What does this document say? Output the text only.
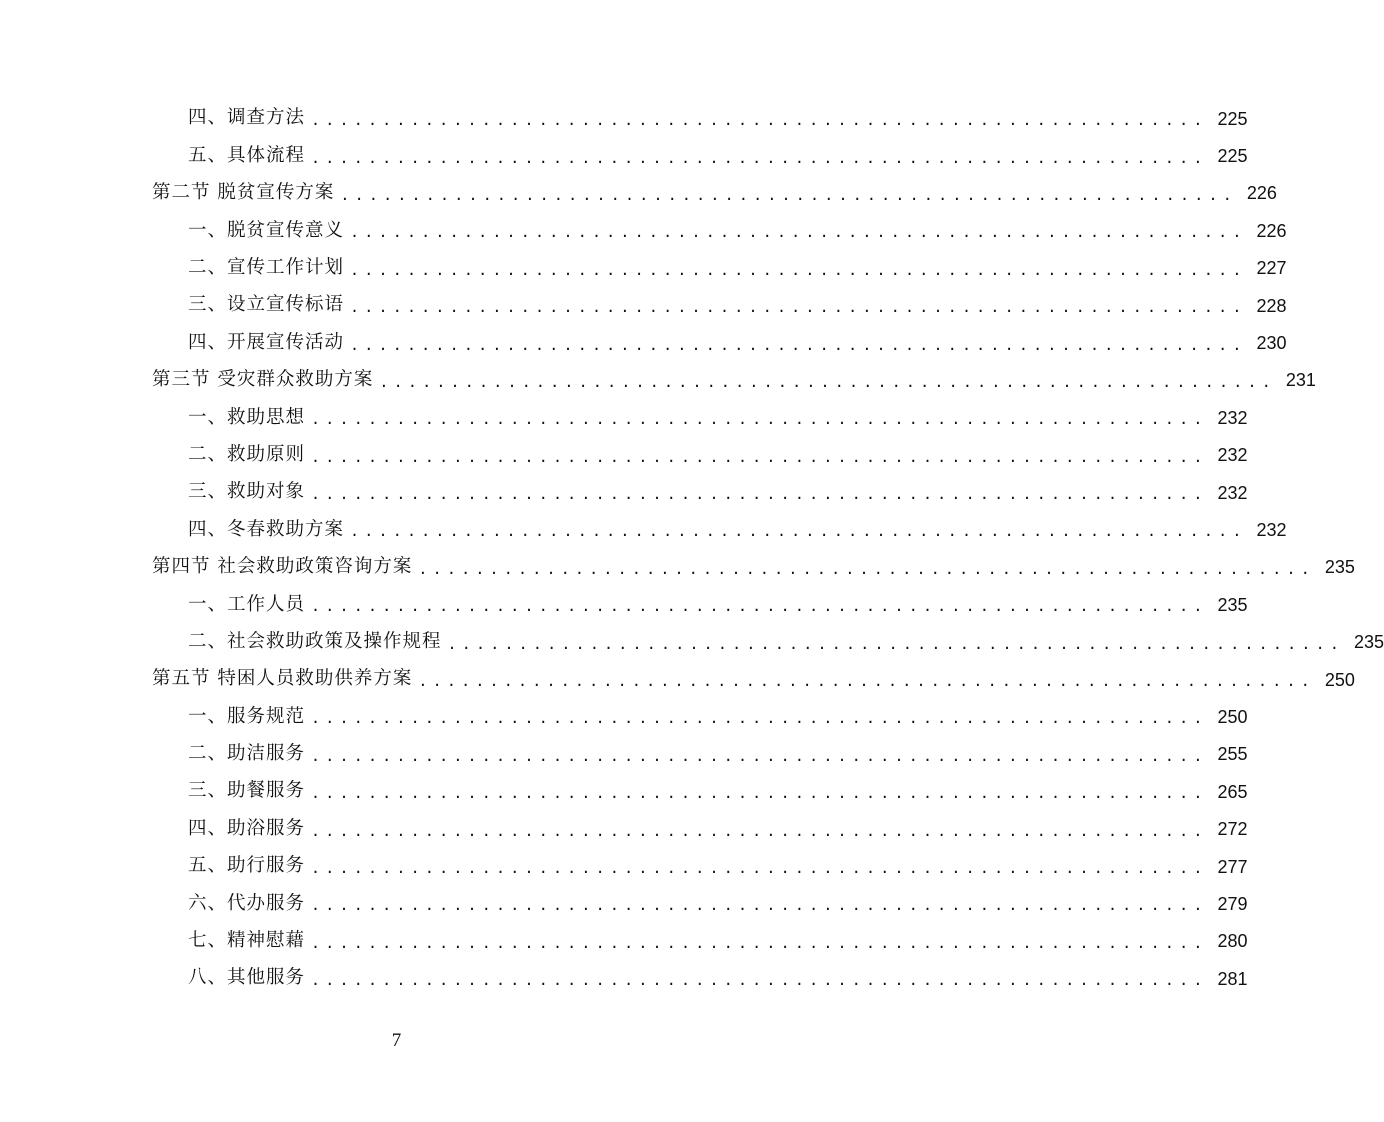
四、调查方法 ............................................................... 225
五、具体流程 ............................................................... 225
第二节 脱贫宣传方案 ............................................................... 226
一、脱贫宣传意义 ............................................................... 226
二、宣传工作计划 ............................................................... 227
三、设立宣传标语 ............................................................... 228
四、开展宣传活动 ............................................................... 230
第三节 受灾群众救助方案 ............................................................... 231
一、救助思想 ............................................................... 232
二、救助原则 ............................................................... 232
三、救助对象 ............................................................... 232
四、冬春救助方案 ............................................................... 232
第四节 社会救助政策咨询方案 ............................................................... 235
一、工作人员 ............................................................... 235
二、社会救助政策及操作规程 ............................................................... 235
第五节 特困人员救助供养方案 ............................................................... 250
一、服务规范 ............................................................... 250
二、助洁服务 ............................................................... 255
三、助餐服务 ............................................................... 265
四、助浴服务 ............................................................... 272
五、助行服务 ............................................................... 277
六、代办服务 ............................................................... 279
七、精神慰藉 ............................................................... 280
八、其他服务 ............................................................... 281
7
